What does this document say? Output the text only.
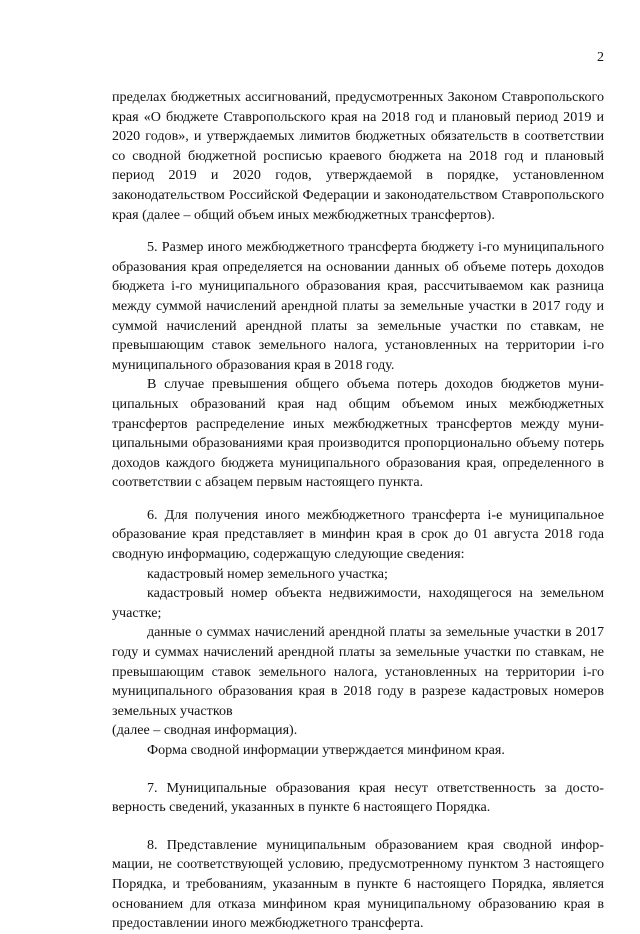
2

пределах бюджетных ассигнований, предусмотренных Законом Ставропольского края «О бюджете Ставропольского края на 2018 год и плановый период 2019 и 2020 годов», и утверждаемых лимитов бюджетных обязательств в соответствии со сводной бюджетной росписью краевого бюджета на 2018 год и плановый период 2019 и 2020 годов, утверждаемой в порядке, установленном законодательством Российской Федерации и законодательством Ставропольского края (далее – общий объем иных межбюджетных трансфертов).

5. Размер иного межбюджетного трансферта бюджету i-го муниципального образования края определяется на основании данных об объеме потерь доходов бюджета i-го муниципального образования края, рассчитываемом как разница между суммой начислений арендной платы за земельные участки в 2017 году и суммой начислений арендной платы за земельные участки по ставкам, не превышающим ставок земельного налога, установленных на территории i-го муниципального образования края в 2018 году.

В случае превышения общего объема потерь доходов бюджетов муниципальных образований края над общим объемом иных межбюджетных трансфертов распределение иных межбюджетных трансфертов между муниципальными образованиями края производится пропорционально объему потерь доходов каждого бюджета муниципального образования края, определенного в соответствии с абзацем первым настоящего пункта.

6. Для получения иного межбюджетного трансферта i-е муниципальное образование края представляет в минфин края в срок до 01 августа 2018 года сводную информацию, содержащую следующие сведения:

кадастровый номер земельного участка;

кадастровый номер объекта недвижимости, находящегося на земельном участке;

данные о суммах начислений арендной платы за земельные участки в 2017 году и суммах начислений арендной платы за земельные участки по ставкам, не превышающим ставок земельного налога, установленных на территории i-го муниципального образования края в 2018 году в разрезе кадастровых номеров земельных участков

(далее – сводная информация).

Форма сводной информации утверждается минфином края.

7. Муниципальные образования края несут ответственность за достоверность сведений, указанных в пункте 6 настоящего Порядка.

8. Представление муниципальным образованием края сводной информации, не соответствующей условию, предусмотренному пунктом 3 настоящего Порядка, и требованиям, указанным в пункте 6 настоящего Порядка, является основанием для отказа минфином края муниципальному образованию края в предоставлении иного межбюджетного трансферта.
